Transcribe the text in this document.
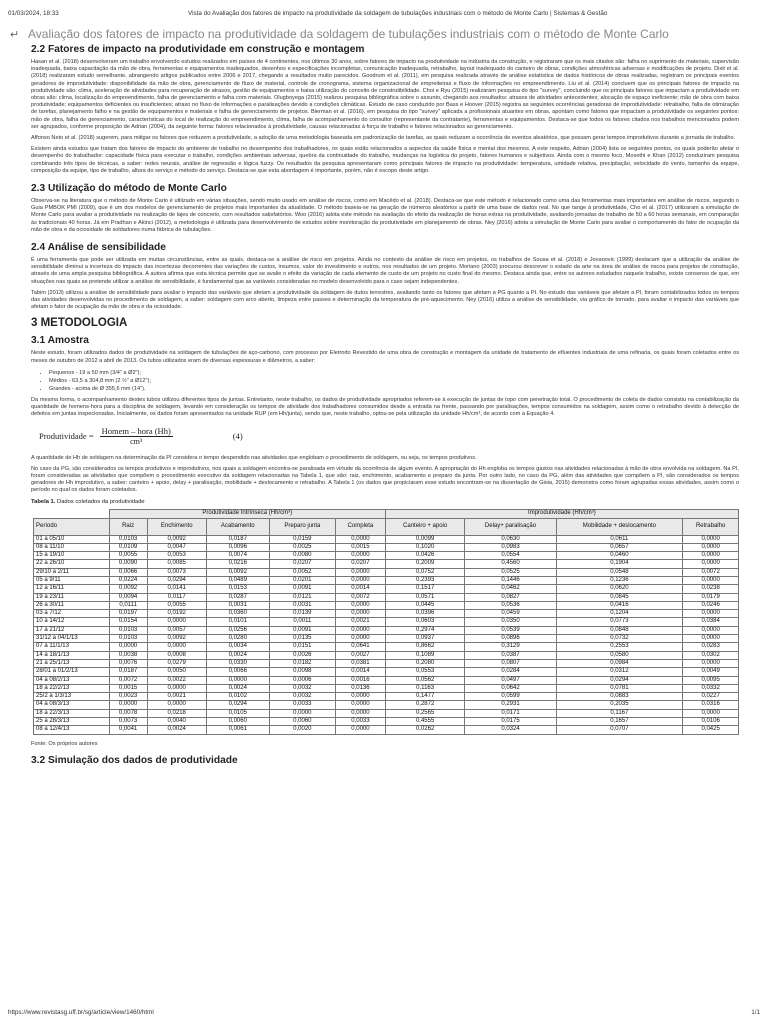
01/03/2024, 18:33	Vista do Avaliação dos fatores de impacto na produtividade da soldagem de tubulações industriais com o método de Monte Carlo | Sistemas & Gestão
↵ Avaliação dos fatores de impacto na produtividade da soldagem de tubulações industriais com o método de Monte Carlo
2.2 Fatores de impacto na produtividade em construção e montagem

Hasan et al. (2018) desenvolveram um trabalho envolvendo estudos realizados em países de 4 continentes, nos últimos 30 anos, sobre fatores de impacto na produtividade na indústria da construção, e registraram que os mais citados são: falha no suprimento de materiais, supervisão inadequada, baixa capacitação da mão de obra, ferramentas e equipamentos inadequados, desenhos e especificações incompletas, comunicação inadequada, retrabalho, layout inadequado do canteiro de obras, condições atmosféricas adversas e modificações de projeto. Dixit et al. (2018) realizaram estudo semelhante, abrangendo artigos publicados entre 2006 e 2017, chegando a resultados muito parecidos. Goodrum et al. (2011), em pesquisa realizada através de análise estatística de dados históricos de obras realizadas, registram os principais eventos geradores de improdutividade: disponibilidade da mão de obra, gerenciamento de fluxo de material, controle de cronograma, sistema organizacional de empreiteiras e fluxo de informações no empreendimento. Liu et al. (2014) concluem que os principais fatores de impacto na produtividade são: clima, aceleração de atividades para recuperação de atrasos, gestão de equipamentos e baixa utilização do conceito de construtibilidade. Choi e Ryu (2015) realizaram pesquisa do tipo "survey", concluindo que os principais fatores que impactam a produtividade em obras são: clima, localização do empreendimento, falha de gerenciamento e falha com materiais. Olugboyega (2015) realizou pesquisa bibliográfica sobre o assunto, chegando aos resultados: atrasos de atividades antecedentes; alocação de espaço ineficiente; mão de obra com baixa produtividade; equipamentos deficientes ou insuficientes; atraso no fluxo de informações e paralisações devido a condições climáticas. Estudo de caso conduzido por Bass e Hoover (2015) registra as seguintes ocorrências geradoras de improdutividade: retrabalho, falta de otimização de tarefas, planejamento falho e na gestão de equipamentos e materiais e falha de gerenciamento de projetos. Bierman et al. (2016), em pesquisa do tipo "survey" aplicada a profissionais atuantes em obras, apontam como fatores que impactam a produtividade os seguintes pontos: mão de obra, falha de gerenciamento, características do local de realização do empreendimento, clima, falha de acompanhamento do consultor (representante da contratante), ferramentas e equipamentos. Destaca-se que todos os fatores citados nos trabalhos mencionados podem ser agrupados, conforme proposição de Adrian (2004), da seguinte forma: fatores relacionados à produtividade, causas relacionadas à força de trabalho e fatores relacionados ao gerenciamento.

Affonso Neto et al. (2018) sugerem, para mitigar os fatores que reduzem a produtividade, a adoção de uma metodologia baseada em padronização de tarefas, as quais reduzam a ocorrência de eventos aleatórios, que possam gerar tempos improdutivos durante a jornada de trabalho.

Existem ainda estudos que tratam dos fatores de impacto do ambiente de trabalho no desempenho dos trabalhadores, os quais estão relacionados a aspectos da saúde física e mental dos mesmos. A este respeito, Adrian (2004) lista os seguintes pontos, os quais poderão afetar o desempenho do trabalhador: capacidade física para executar o trabalho, condições ambientais adversas, quebra da continuidade do trabalho, mudanças na logística do projeto, fatores humanos e subjetivos. Ainda com o mesmo foco, Mosethi e Khan (2012) conduziram pesquisa combinando três tipos de técnicas, a saber: redes neurais, análise de regressão e lógica fuzzy. Os resultados da pesquisa apresentaram como principais fatores de impacto na produtividade: temperatura, umidade relativa, precipitação, velocidade do vento, tamanho da equipe, composição da equipe, tipo de trabalho, altura do serviço e método do serviço. Destaca-se que esta abordagem é importante, porém, não é escopo deste artigo.

2.3 Utilização do método de Monte Carlo

Observa-se na literatura que o método de Monte Carlo é utilizado em várias situações, sendo muito usado em análise de riscos, como em Macêdo et al. (2018). Destaca-se que este método é relacionado como uma das ferramentas mais importantes em análise de riscos, segundo o Guia PMBOK PMI (2009), que é um dos modelos de gerenciamento de projetos mais importantes da atualidade. O método baseia-se na geração de números aleatórios a partir de uma base de dados real. No que tange à produtividade, Cho et al. (2017) utilizaram a simulação de Monte Carlo para avaliar a produtividade na realização de lajes de concreto, com resultados satisfatórios. Woo (2016) adota este método na avaliação do efeito da realização de horas extras na produtividade, avaliando jornadas de trabalho de 50 a 60 horas semanais, em comparação às tradicionais 40 horas. Já em Pradhan e Akinci (2012), a metodologia é utilizada para desenvolvimento de estudos sobre monitoração da produtividade em planejamento de obras. Ney (2016) adota a simulação de Monte Carlo para avaliar o comportamento do fator de ocupação da mão de obra e da ociosidade de soldadores numa fábrica de tubulações.

2.4 Análise de sensibilidade

É uma ferramenta que pode ser utilizada em muitas circunstâncias, entre as quais, destaca-se a análise de risco em projetos. Ainda no contexto da análise de risco em projetos, os trabalhos de Sousa et al. (2018) e Jovanovic (1999) destacam que a utilização da análise de sensibilidade diminui a incerteza do impacto das incertezas decorrentes das variações de custos, insumos, valor do investimento e outros, nos resultados de um projeto. Moriano (2003) procurou descrever o estado da arte na área de análise de riscos para projetos de construção, através de uma ampla pesquisa bibliográfica. A autora afirma que esta técnica permite que se avalie o efeito da variação de cada elemento de custo de um projeto no custo final do mesmo. Destaca ainda que, entre os autores estudados naquele trabalho, existe consenso de que, em situações nas quais se pretende utilizar a análise de sensibilidade, é fundamental que as variáveis consideradas no modelo desenvolvido para o caso sejam independentes.

Tabim (2013) utilizou a análise de sensibilidade para avaliar o impacto das variáveis que afetam a produtividade da soldagem de dutos terrestres, avaliando tanto os fatores que afetam a PG quanto a PI. No estudo das variáveis que afetam a PI, foram contabilizados todos os tempos das atividades desenvolvidas no procedimento de soldagem, a saber: soldagem com arco aberto, limpeza entre passes e determinação da temperatura de pré-aquecimento. Ney (2016) utiliza a análise de sensibilidade, via gráfico de tornado, para avaliar o impacto das variáveis que afetam o fator de ocupação da mão de obra e da ociosidade.

3 METODOLOGIA
3.1 Amostra

Neste estudo, foram utilizados dados de produtividade na soldagem de tubulações de aço-carbono, com processo por Eletrodo Revestido de uma obra de construção e montagem da unidade de tratamento de efluentes industriais de uma refinaria, os quais foram coletados entre os meses de outubro de 2012 a abril de 2013. Os tubos utilizados eram de diversas espessuras e diâmetros, a saber:

• Pequenos - 19 a 50 mm (3/4" a Ø2");
• Médios - 63,5 a 304,8 mm (2 ½" a Ø12");
• Grandes - acima de Ø 355,6 mm (14").

Da mesma forma, o acompanhamento destes tubos utilizou diferentes tipos de juntas. Entretanto, neste trabalho, os dados de produtividade apropriados referem-se à execução de juntas de topo com penetração total. O procedimento de coleta de dados consistiu na contabilização da quantidade de homens-hora para a disciplina de soldagem, levando em consideração os tempos de atividade dos trabalhadores consumidos desde a entrada na frente, passando por paralisações, tempos consumidos na soldagem, assim como o retrabalho devido à detecção de defeitos em juntas inspecionadas. Inicialmente, os dados foram apresentados na unidade RUP (em Hh/junta), sendo que, neste trabalho, optou-se pela utilização da unidade Hh/cm³, de acordo com a Equação 4.

Produtividade = $\frac{\text{Homem – hora (Hh)}}{\text{cm³}}$	(4)

A quantidade de Hh de soldagem na determinação da PI considera o tempo despendido nas atividades que englobam o procedimento de soldagem, ou seja, os tempos produtivos.

No caso da PG, são considerados os tempos produtivos e improdutivos, nos quais a soldagem encontra-se paralisada em virtude da ocorrência de algum evento. A apropriação do Hh engloba os tempos gastos nas atividades relacionadas à mão de obra envolvida na soldagem. Na PI, foram consideradas as atividades que compõem o procedimento executivo da soldagem relacionadas na Tabela 1, que são: raiz, enchimento, acabamento e preparo da junta. Por outro lado, no caso da PG, além das atividades que compõem a PI, são considerados os tempos geradores de Hh improdutivo, a saber: canteiro + apoio, delay + paralisação, mobilidade + deslocamento e retrabalho. A Tabela 1 (os dados que propiciaram esse estudo encontram-se na dissertação de Gioia, 2015) demonstra como foram agrupadas essas atividades, assim como o período no qual os dados foram coletados.

Tabela 1. Dados coletados da produtividade
	Produtividade Intrínseca (Hh/cm³)					Improdutividade (Hh/cm³)			
Período	Raiz	Enchimento	Acabamento	Preparo junta	Completa	Canteiro + apoio	Delay+ paralisação	Mobilidade + deslocamento	Retrabalho
01 a 05/10	0,0103	0,0092	0,0187	0,0159	0,0000	0,0099	0,0630	0,0611	0,0000
08 a 11/10	0,0109	0,0047	0,0096	0,0025	0,0015	0,1020	0,0983	0,0657	0,0000
15 a 19/10	0,0055	0,0053	0,0074	0,0080	0,0000	0,0426	0,0554	0,0460	0,0000
22 a 26/10	0,0090	0,0085	0,0216	0,0207	0,0207	0,2009	0,4560	0,1904	0,0000
29/10 a 2/11	0,0066	0,0073	0,0092	0,0052	0,0000	0,0752	0,0525	0,0548	0,0072
05 a 9/11	0,0224	0,0294	0,0489	0,0201	0,0000	0,2393	0,1446	0,1236	0,0000
12 a 16/11	0,0092	0,0141	0,0153	0,0091	0,0014	0,1517	0,0462	0,0620	0,0238
19 a 23/11	0,0094	0,0117	0,0287	0,0121	0,0072	0,0571	0,0827	0,0845	0,0179
26 a 30/11	0,0111	0,0055	0,0031	0,0031	0,0000	0,0445	0,0536	0,0416	0,0246
03 a 7/12	0,0197	0,0192	0,0360	0,0139	0,0000	0,0396	0,0459	0,1204	0,0000
10 a 14/12	0,0154	0,0000	0,0101	0,0011	0,0021	0,0603	0,0350	0,0773	0,0384
17 a 21/12	0,0103	0,0057	0,0256	0,0091	0,0000	0,2974	0,0539	0,0848	0,0000
31/12 a 04/1/13	0,0103	0,0092	0,0280	0,0135	0,0000	0,0937	0,0896	0,0732	0,0000
07 a 11/1/13	0,0000	0,0000	0,0034	0,0151	0,0641	0,8662	0,3129	0,2553	0,0283
14 a 18/1/13	0,0038	0,0008	0,0024	0,0026	0,0027	0,1089	0,0387	0,0580	0,0302
21 a 25/1/13	0,0076	0,0279	0,0330	0,0182	0,0381	0,2080	0,0807	0,0984	0,0000
28/01 a 01/2/13	0,0187	0,0050	0,0066	0,0098	0,0014	0,0553	0,0284	0,0312	0,0049
04 a 08/2/13	0,0072	0,0022	0,0000	0,0006	0,0016	0,0562	0,0497	0,0294	0,0095
18 a 22/2/13	0,0015	0,0000	0,0024	0,0032	0,0136	0,1163	0,0642	0,0781	0,0332
25/2 a 1/3/13	0,0023	0,0021	0,0102	0,0032	0,0000	0,1477	0,0599	0,0883	0,0227
04 a 08/3/13	0,0000	0,0000	0,0294	0,0033	0,0000	0,2872	0,2931	0,2035	0,0316
18 a 22/3/13	0,0078	0,0218	0,0105	0,0000	0,0000	0,2565	0,0171	0,1167	0,0000
25 a 28/3/13	0,0073	0,0040	0,0060	0,0060	0,0033	0,4555	0,0175	0,1657	0,0106
08 a 12/4/13	0,0041	0,0024	0,0061	0,0020	0,0000	0,0262	0,0324	0,0707	0,0425
Fonte: Os próprios autores
3.2 Simulação dos dados de produtividade
https://www.revistasg.uff.br/sg/article/view/1460/html	1/1
